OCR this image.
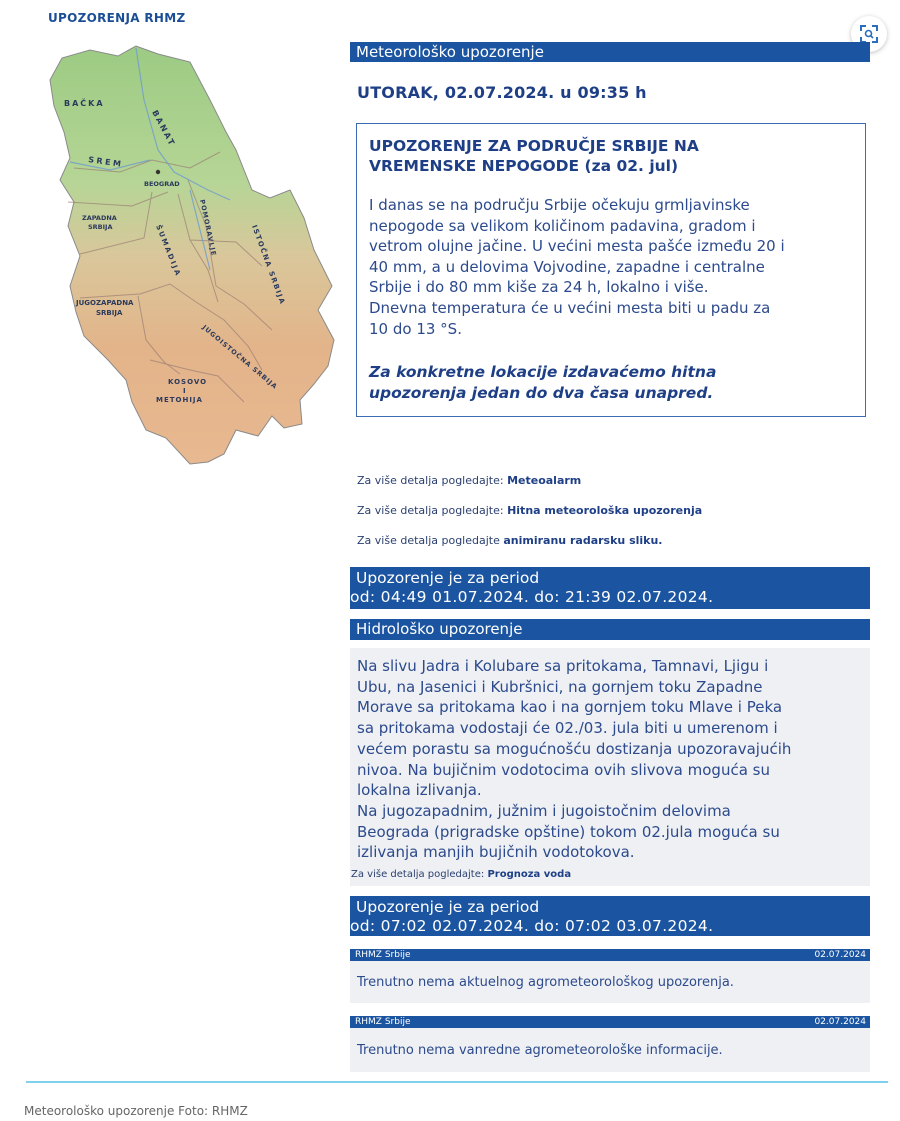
UPOZORENJA RHMZ
BAČKA
BANAT
SREM
BEOGRAD
POMORAVLJE
ZAPADNA
SRBIJA	ŠUMADIJA	ISTOČNA SRBIJA
JUGOZAPADNA
SRBIJA
JUGOISTOČNA SRBIJA
KOSOVO
I
METOHIJA
Meteorološko upozorenje
UTORAK, 02.07.2024. u 09:35 h
UPOZORENJE ZA PODRUČJE SRBIJE NA
VREMENSKE NEPOGODE (za 02. jul)
I danas se na području Srbije očekuju grmljavinske
nepogode sa velikom količinom padavina, gradom i
vetrom olujne jačine. U većini mesta pašće između 20 i
40 mm, a u delovima Vojvodine, zapadne i centralne
Srbije i do 80 mm kiše za 24 h, lokalno i više.
Dnevna temperatura će u većini mesta biti u padu za
10 do 13 °S.
Za konkretne lokacije izdavaćemo hitna
upozorenja jedan do dva časa unapred.
Za više detalja pogledajte: Meteoalarm
Za više detalja pogledajte: Hitna meteorološka upozorenja
Za više detalja pogledajte animiranu radarsku sliku.
Upozorenje je za period
od: 04:49 01.07.2024. do: 21:39 02.07.2024.
Hidrološko upozorenje
Na slivu Jadra i Kolubare sa pritokama, Tamnavi, Ljigu i
Ubu, na Jasenici i Kubršnici, na gornjem toku Zapadne
Morave sa pritokama kao i na gornjem toku Mlave i Peka
sa pritokama vodostaji će 02./03. jula biti u umerenom i
većem porastu sa mogućnošću dostizanja upozoravajućih
nivoa. Na bujičnim vodotocima ovih slivova moguća su
lokalna izlivanja.
Na jugozapadnim, južnim i jugoistočnim delovima
Beograda (prigradske opštine) tokom 02.jula moguća su
izlivanja manjih bujičnih vodotokova.
Za više detalja pogledajte: Prognoza voda
Upozorenje je za period
od: 07:02 02.07.2024. do: 07:02 03.07.2024.
RHMZ Srbije	02.07.2024
Trenutno nema aktuelnog agrometeorološkog upozorenja.
RHMZ Srbije	02.07.2024
Trenutno nema vanredne agrometeorološke informacije.
Meteorološko upozorenje Foto: RHMZ
